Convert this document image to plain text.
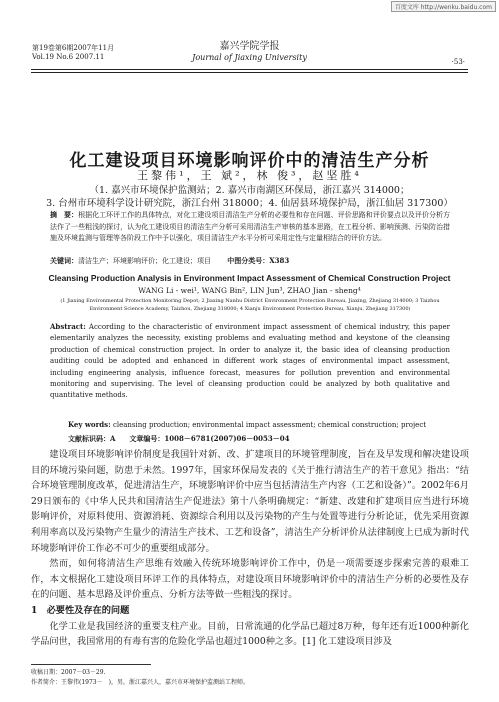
百度文库 http://wenku.baidu.com
第19卷第6期2007年11月
Vol.19 No.6 2007.11
嘉兴学院学报
Journal of Jiaxing University	·53·
化工建设项目环境影响评价中的清洁生产分析
王黎伟¹，王 斌²，林 俊³，赵坚胜⁴
（1. 嘉兴市环境保护监测站；2. 嘉兴市南湖区环保局，浙江嘉兴 314000；
3. 台州市环境科学设计研究院，浙江台州 318000；4. 仙居县环境保护局，浙江仙居 317300）
摘　要：根据化工环评工作的具体特点，对化工建设项目清洁生产分析的必要性和存在问题、评价思路和评价要点以及评价分析方法作了一些粗浅的探讨，认为化工建设项目的清洁生产分析可采用清洁生产审核的基本思路，在工程分析、影响预测、污染防治措施及环境监测与管理等各阶段工作中予以强化，项目清洁生产水平分析可采用定性与定量相结合的评价方法。
关键词：清洁生产；环境影响评价；化工建设；项目 中图分类号：X383
Cleansing Production Analysis in Environment Impact Assessment of Chemical Construction Project
WANG Li - wei¹, WANG Bin², LIN Jun³, ZHAO Jian - sheng⁴
(1 Jiaxing Environmental Protection Monitoring Depot; 2 Jiaxing Nanhu District Environment Protection Bureau, Jiaxing, Zhejiang 314000; 3 Taizhou Environment Science Academy, Taizhou, Zhejiang 318000; 4 Xianju Environment Protection Bureau, Xianju, Zhejiang 317300)
Abstract: According to the characteristic of environment impact assessment of chemical industry, this paper elementarily analyzes the necessity, existing problems and evaluating method and keystone of the cleansing production of chemical construction project. In order to analyze it, the basic idea of cleansing production auditing could be adopted and enhanced in different work stages of environmental impact assessment, including engineering analysis, influence forecast, measures for pollution prevention and environmental monitoring and supervising. The level of cleansing production could be analyzed by both qualitative and quantitative methods.
Key words: cleansing production; environmental impact assessment; chemical construction; project
文献标识码：A　　文章编号：1008－6781(2007)06－0053－04

建设项目环境影响评价制度是我国针对新、改、扩建项目的环境管理制度，旨在及早发现和解决建设项目的环境污染问题，防患于未然。1997年，国家环保局发表的《关于推行清洁生产的若干意见》指出：“结合环境管理制度改革，促进清洁生产，环境影响评价中应当包括清洁生产内容（工艺和设备）”。2002年6月29日颁布的《中华人民共和国清洁生产促进法》第十八条明确规定：“新建、改建和扩建项目应当进行环境影响评价，对原料使用、资源消耗、资源综合利用以及污染物的产生与处置等进行分析论证，优先采用资源利用率高以及污染物产生量少的清洁生产技术、工艺和设备”，清洁生产分析评价从法律制度上已成为新时代环境影响评价工作必不可少的重要组成部分。

然而，如何将清洁生产思维有效融入传统环境影响评价工作中，仍是一项需要逐步探索完善的艰难工作，本文根据化工建设项目环评工作的具体特点，对建设项目环境影响评价中的清洁生产分析的必要性及存在的问题、基本思路及评价重点、分析方法等做一些粗浅的探讨。

1　必要性及存在的问题

化学工业是我国经济的重要支柱产业。目前，日常流通的化学品已超过8万种，每年还有近1000种新化学品问世，我国常用的有毒有害的危险化学品也超过1000种之多。[1] 化工建设项目涉及

收稿日期：2007－03－29.
作者简介：王黎伟(1973－　)，男，浙江嘉兴人，嘉兴市环境保护监测站工程师。
